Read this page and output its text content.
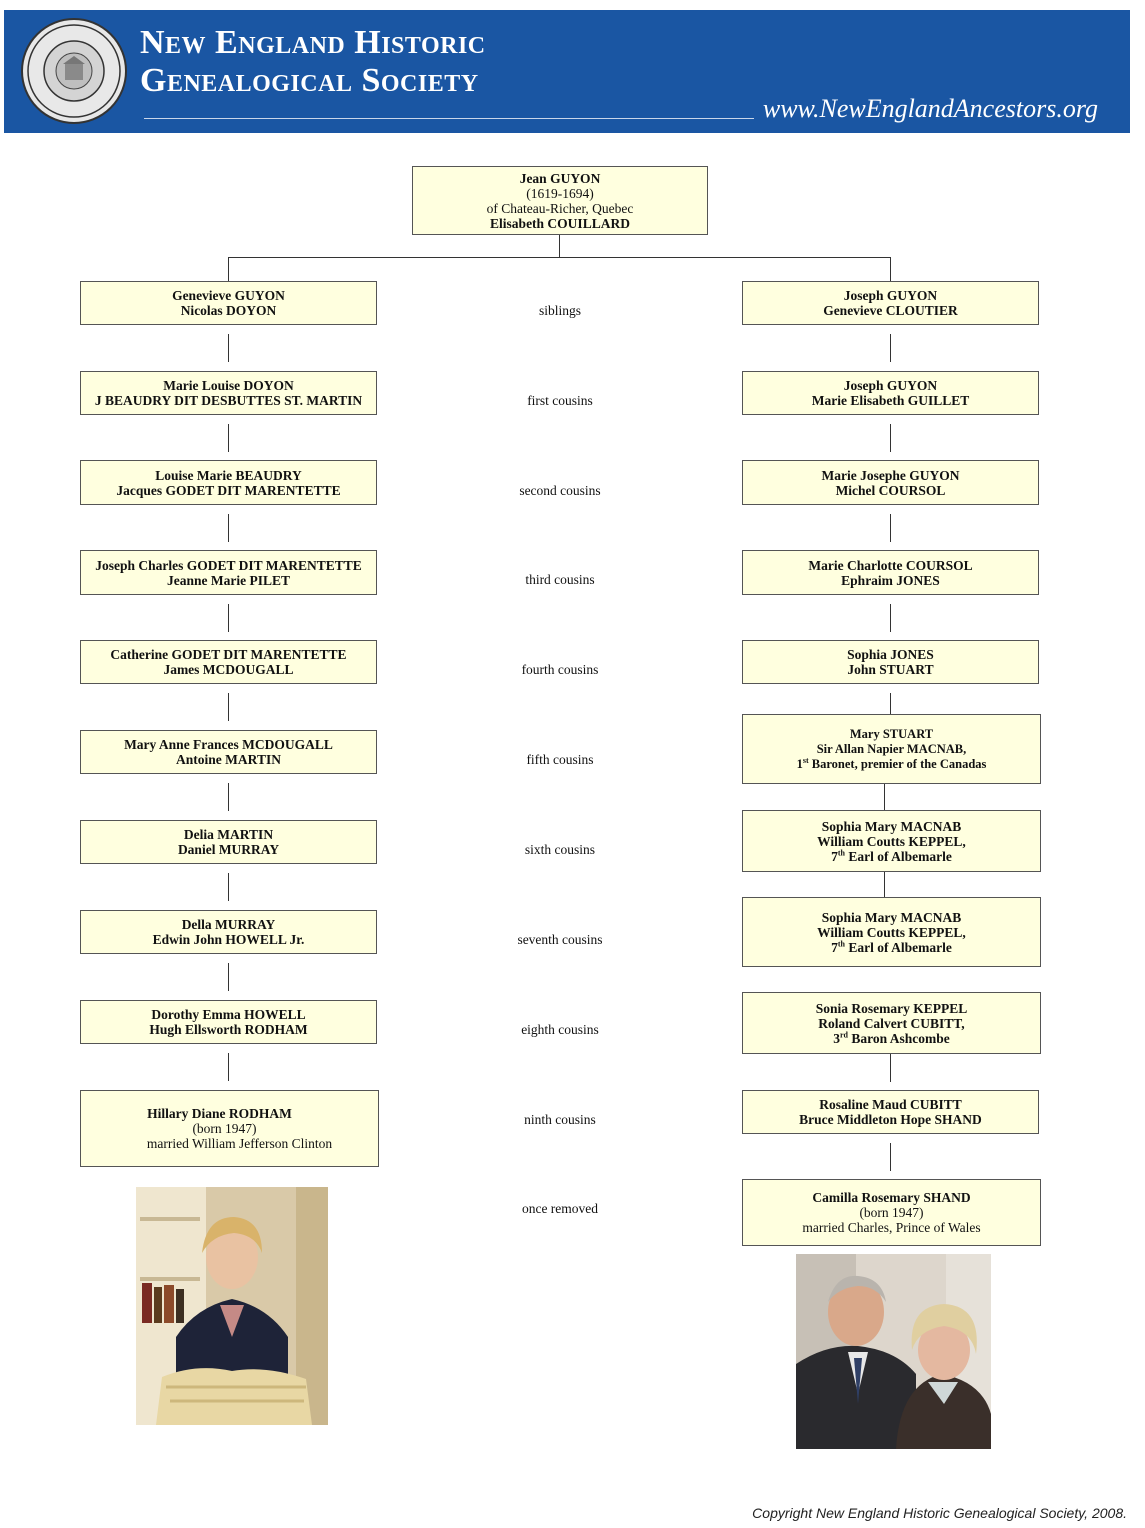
New England Historic
Genealogical Society
www.NewEnglandAncestors.org
Jean GUYON
(1619-1694)
of Chateau-Richer, Quebec
Elisabeth COUILLARD
Genevieve GUYON
Nicolas DOYON
Marie Louise DOYON
J BEAUDRY DIT DESBUTTES ST. MARTIN
Louise Marie BEAUDRY
Jacques GODET DIT MARENTETTE
Joseph Charles GODET DIT MARENTETTE
Jeanne Marie PILET
Catherine GODET DIT MARENTETTE
James MCDOUGALL
Mary Anne Frances MCDOUGALL
Antoine MARTIN
Delia MARTIN
Daniel MURRAY
Della MURRAY
Edwin John HOWELL Jr.
Dorothy Emma HOWELL
Hugh Ellsworth RODHAM
Hillary Diane RODHAM
(born 1947)
married William Jefferson Clinton
siblings
first cousins
second cousins
third cousins
fourth cousins
fifth cousins
sixth cousins
seventh cousins
eighth cousins
ninth cousins
once removed
Joseph GUYON
Genevieve CLOUTIER
Joseph GUYON
Marie Elisabeth GUILLET
Marie Josephe GUYON
Michel COURSOL
Marie Charlotte COURSOL
Ephraim JONES
Sophia JONES
John STUART
Mary STUART
Sir Allan Napier MACNAB,
1st Baronet, premier of the Canadas
Sophia Mary MACNAB
William Coutts KEPPEL,
7th Earl of Albemarle
Sophia Mary MACNAB
William Coutts KEPPEL,
7th Earl of Albemarle
Sonia Rosemary KEPPEL
Roland Calvert CUBITT,
3rd Baron Ashcombe
Rosaline Maud CUBITT
Bruce Middleton Hope SHAND
Camilla Rosemary SHAND
(born 1947)
married Charles, Prince of Wales
Copyright New England Historic Genealogical Society, 2008.
